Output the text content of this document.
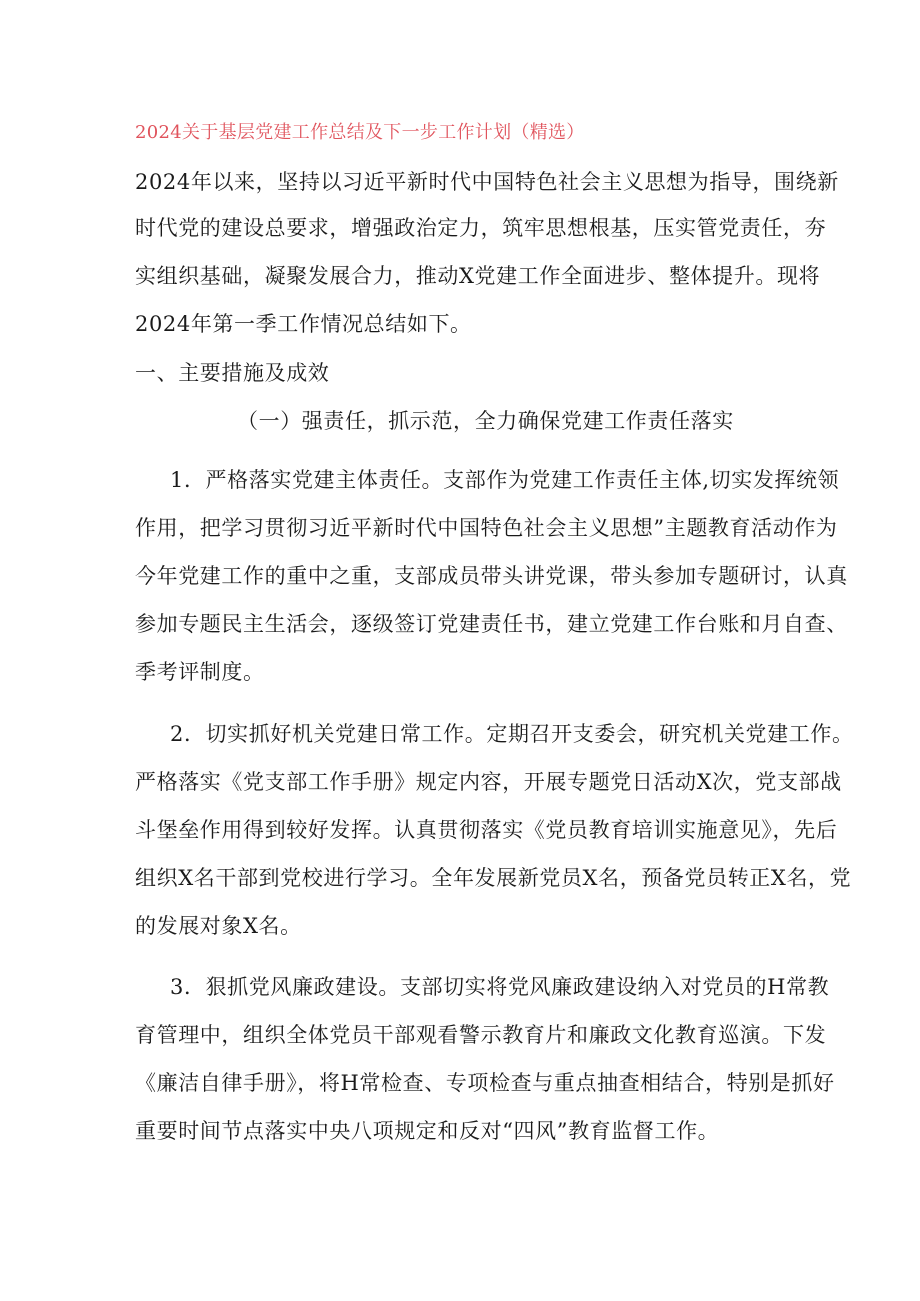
2024关于基层党建工作总结及下一步工作计划（精选）
2024年以来，坚持以习近平新时代中国特色社会主义思想为指导，围绕新
时代党的建设总要求，增强政治定力，筑牢思想根基，压实管党责任，夯
实组织基础，凝聚发展合力，推动X党建工作全面进步、整体提升。现将
2024年第一季工作情况总结如下。
一、主要措施及成效
（一）强责任，抓示范，全力确保党建工作责任落实
1．严格落实党建主体责任。支部作为党建工作责任主体,切实发挥统领
作用，把学习贯彻习近平新时代中国特色社会主义思想”主题教育活动作为
今年党建工作的重中之重，支部成员带头讲党课，带头参加专题研讨，认真
参加专题民主生活会，逐级签订党建责任书，建立党建工作台账和月自查、
季考评制度。
2．切实抓好机关党建日常工作。定期召开支委会，研究机关党建工作。
严格落实《党支部工作手册》规定内容，开展专题党日活动X次，党支部战
斗堡垒作用得到较好发挥。认真贯彻落实《党员教育培训实施意见》，先后
组织X名干部到党校进行学习。全年发展新党员X名，预备党员转正X名，党
的发展对象X名。
3．狠抓党风廉政建设。支部切实将党风廉政建设纳入对党员的H常教
育管理中，组织全体党员干部观看警示教育片和廉政文化教育巡演。下发
《廉洁自律手册》，将H常检查、专项检查与重点抽查相结合，特别是抓好
重要时间节点落实中央八项规定和反对“四风”教育监督工作。
